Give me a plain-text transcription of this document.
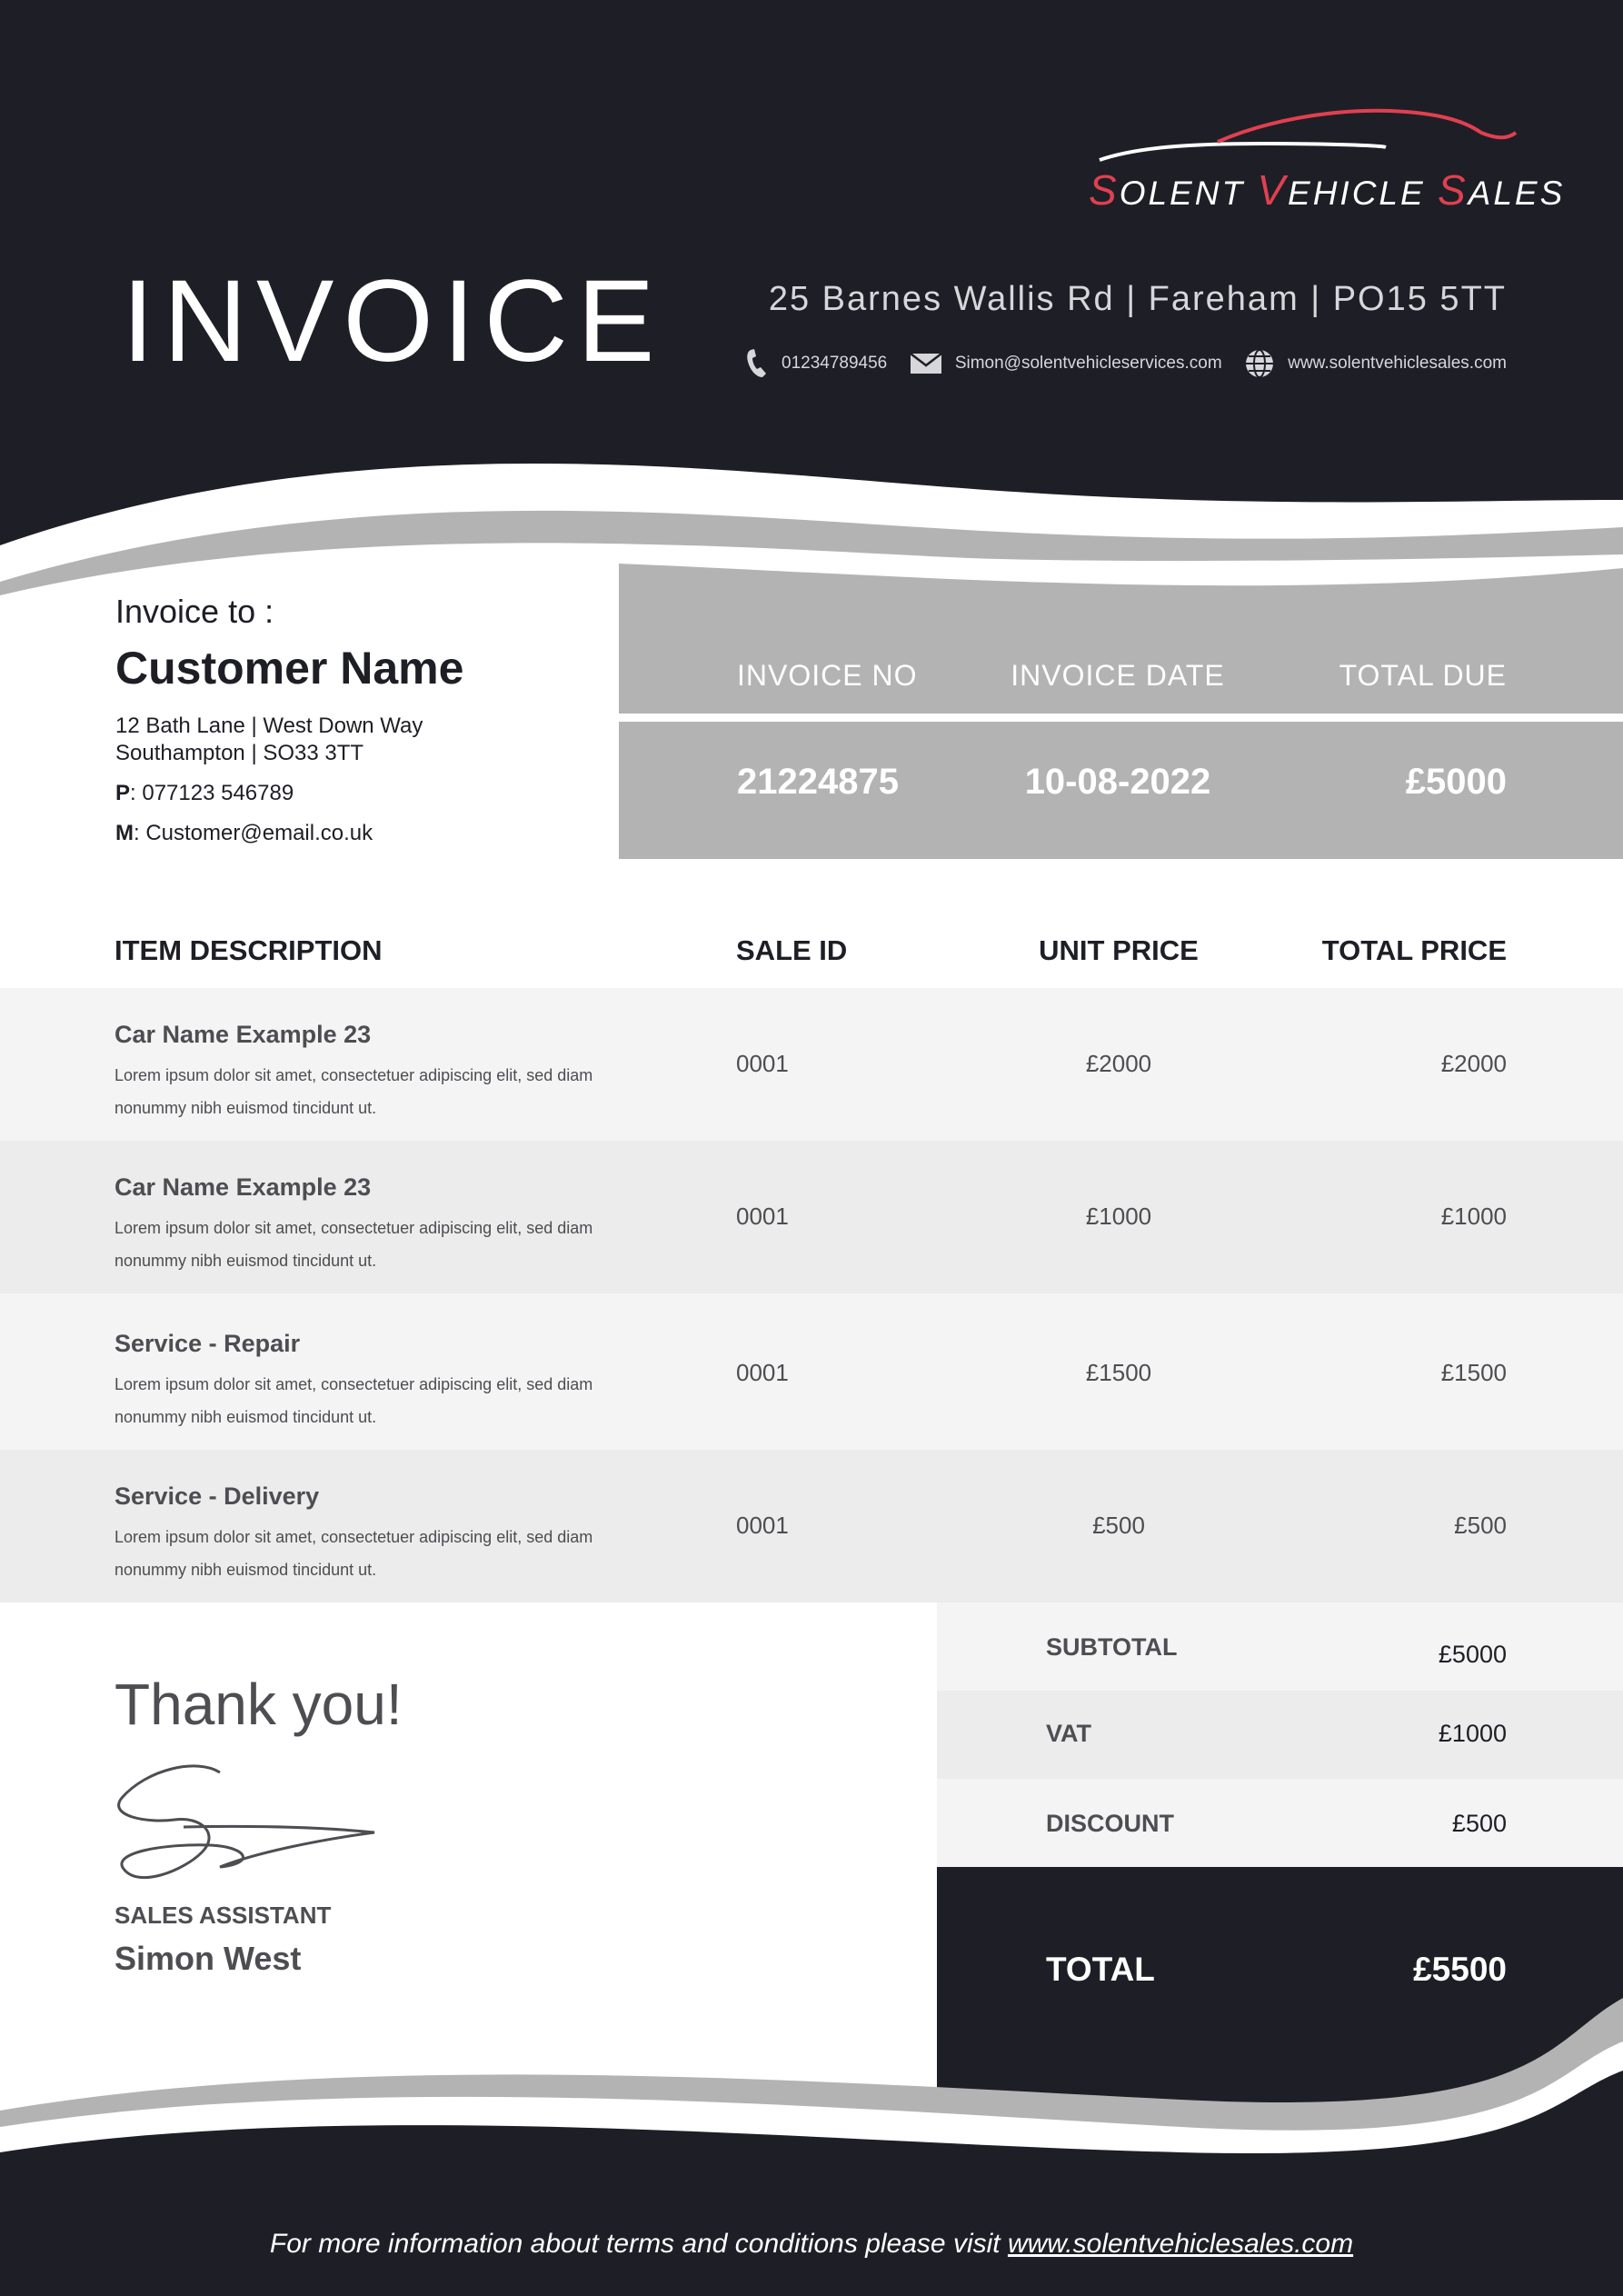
SOLENT VEHICLE SALES
INVOICE	25 Barnes Wallis Rd | Fareham | PO15 5TT
01234789456	Simon@solentvehicleservices.com	www.solentvehiclesales.com
Invoice to :
Customer Name
12 Bath Lane | West Down Way
Southampton | SO33 3TT
P: 077123 546789
M: Customer@email.co.uk
INVOICE NO	INVOICE DATE	TOTAL DUE
21224875	10-08-2022	£5000
ITEM DESCRIPTION	SALE ID	UNIT PRICE	TOTAL PRICE
Car Name Example 23
Lorem ipsum dolor sit amet, consectetuer adipiscing elit, sed diam nonummy nibh euismod tincidunt ut.
0001	£2000	£2000
Car Name Example 23
Lorem ipsum dolor sit amet, consectetuer adipiscing elit, sed diam nonummy nibh euismod tincidunt ut.
0001	£1000	£1000
Service - Repair
Lorem ipsum dolor sit amet, consectetuer adipiscing elit, sed diam nonummy nibh euismod tincidunt ut.
0001	£1500	£1500
Service - Delivery
Lorem ipsum dolor sit amet, consectetuer adipiscing elit, sed diam nonummy nibh euismod tincidunt ut.
0001	£500	£500
SUBTOTAL	£5000
VAT	£1000
DISCOUNT	£500
TOTAL	£5500
Thank you!
SALES ASSISTANT
Simon West
For more information about terms and conditions please visit www.solentvehiclesales.com
